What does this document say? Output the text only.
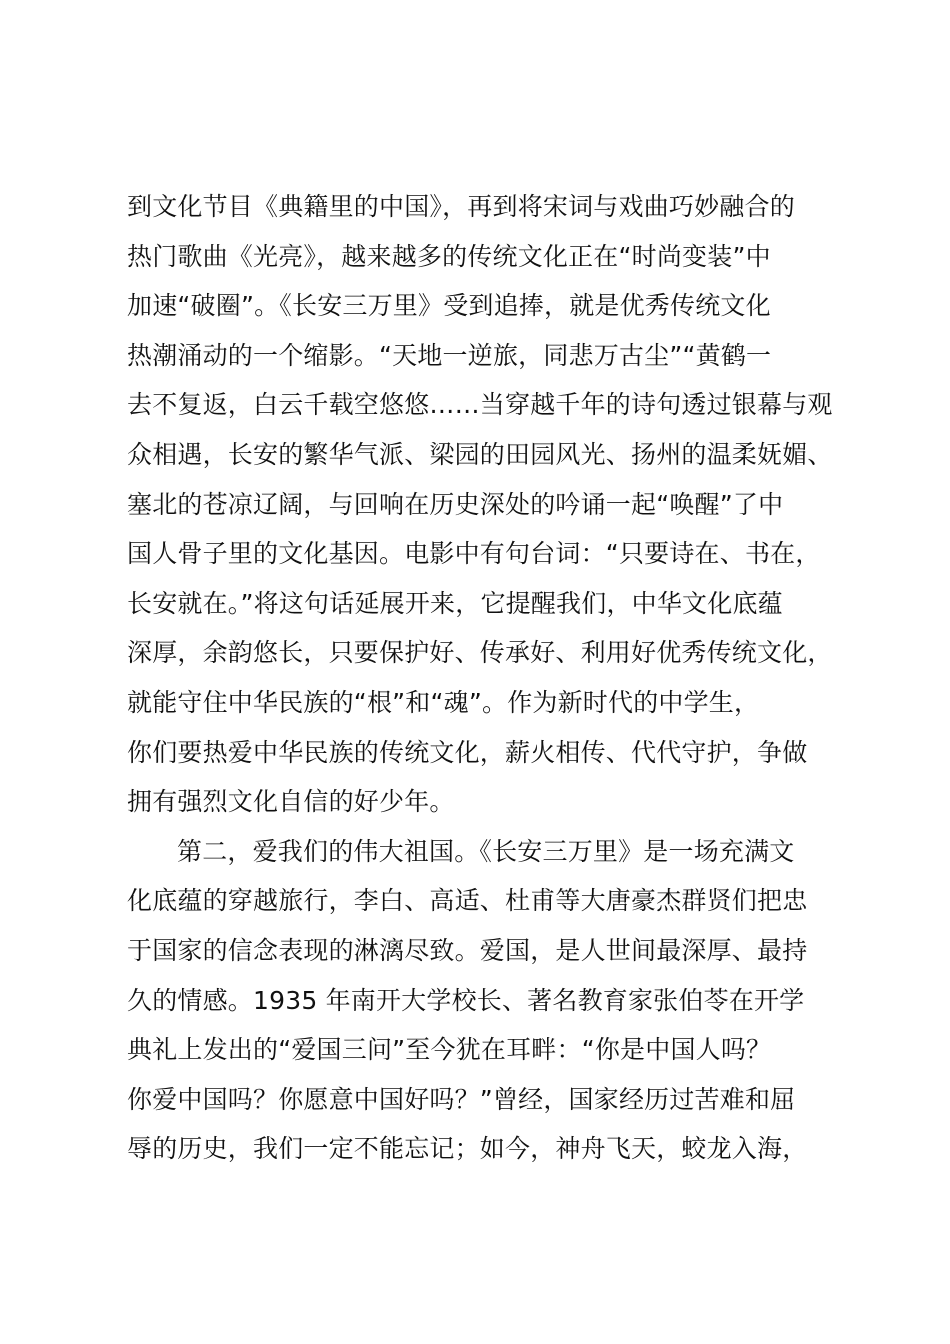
到文化节目《典籍里的中国》，再到将宋词与戏曲巧妙融合的
热门歌曲《光亮》，越来越多的传统文化正在“时尚变装”中
加速“破圈”。《长安三万里》受到追捧，就是优秀传统文化
热潮涌动的一个缩影。“天地一逆旅，同悲万古尘”“黄鹤一
去不复返，白云千载空悠悠……当穿越千年的诗句透过银幕与观
众相遇，长安的繁华气派、梁园的田园风光、扬州的温柔妩媚、
塞北的苍凉辽阔，与回响在历史深处的吟诵一起“唤醒”了中
国人骨子里的文化基因。电影中有句台词：“只要诗在、书在，
长安就在。”将这句话延展开来，它提醒我们，中华文化底蕴
深厚，余韵悠长，只要保护好、传承好、利用好优秀传统文化，
就能守住中华民族的“根”和“魂”。作为新时代的中学生，
你们要热爱中华民族的传统文化，薪火相传、代代守护，争做
拥有强烈文化自信的好少年。
第二，爱我们的伟大祖国。《长安三万里》是一场充满文
化底蕴的穿越旅行，李白、高适、杜甫等大唐豪杰群贤们把忠
于国家的信念表现的淋漓尽致。爱国，是人世间最深厚、最持
久的情感。1935 年南开大学校长、著名教育家张伯苓在开学
典礼上发出的“爱国三问”至今犹在耳畔：“你是中国人吗？
你爱中国吗？你愿意中国好吗？”曾经，国家经历过苦难和屈
辱的历史，我们一定不能忘记；如今，神舟飞天，蛟龙入海，
